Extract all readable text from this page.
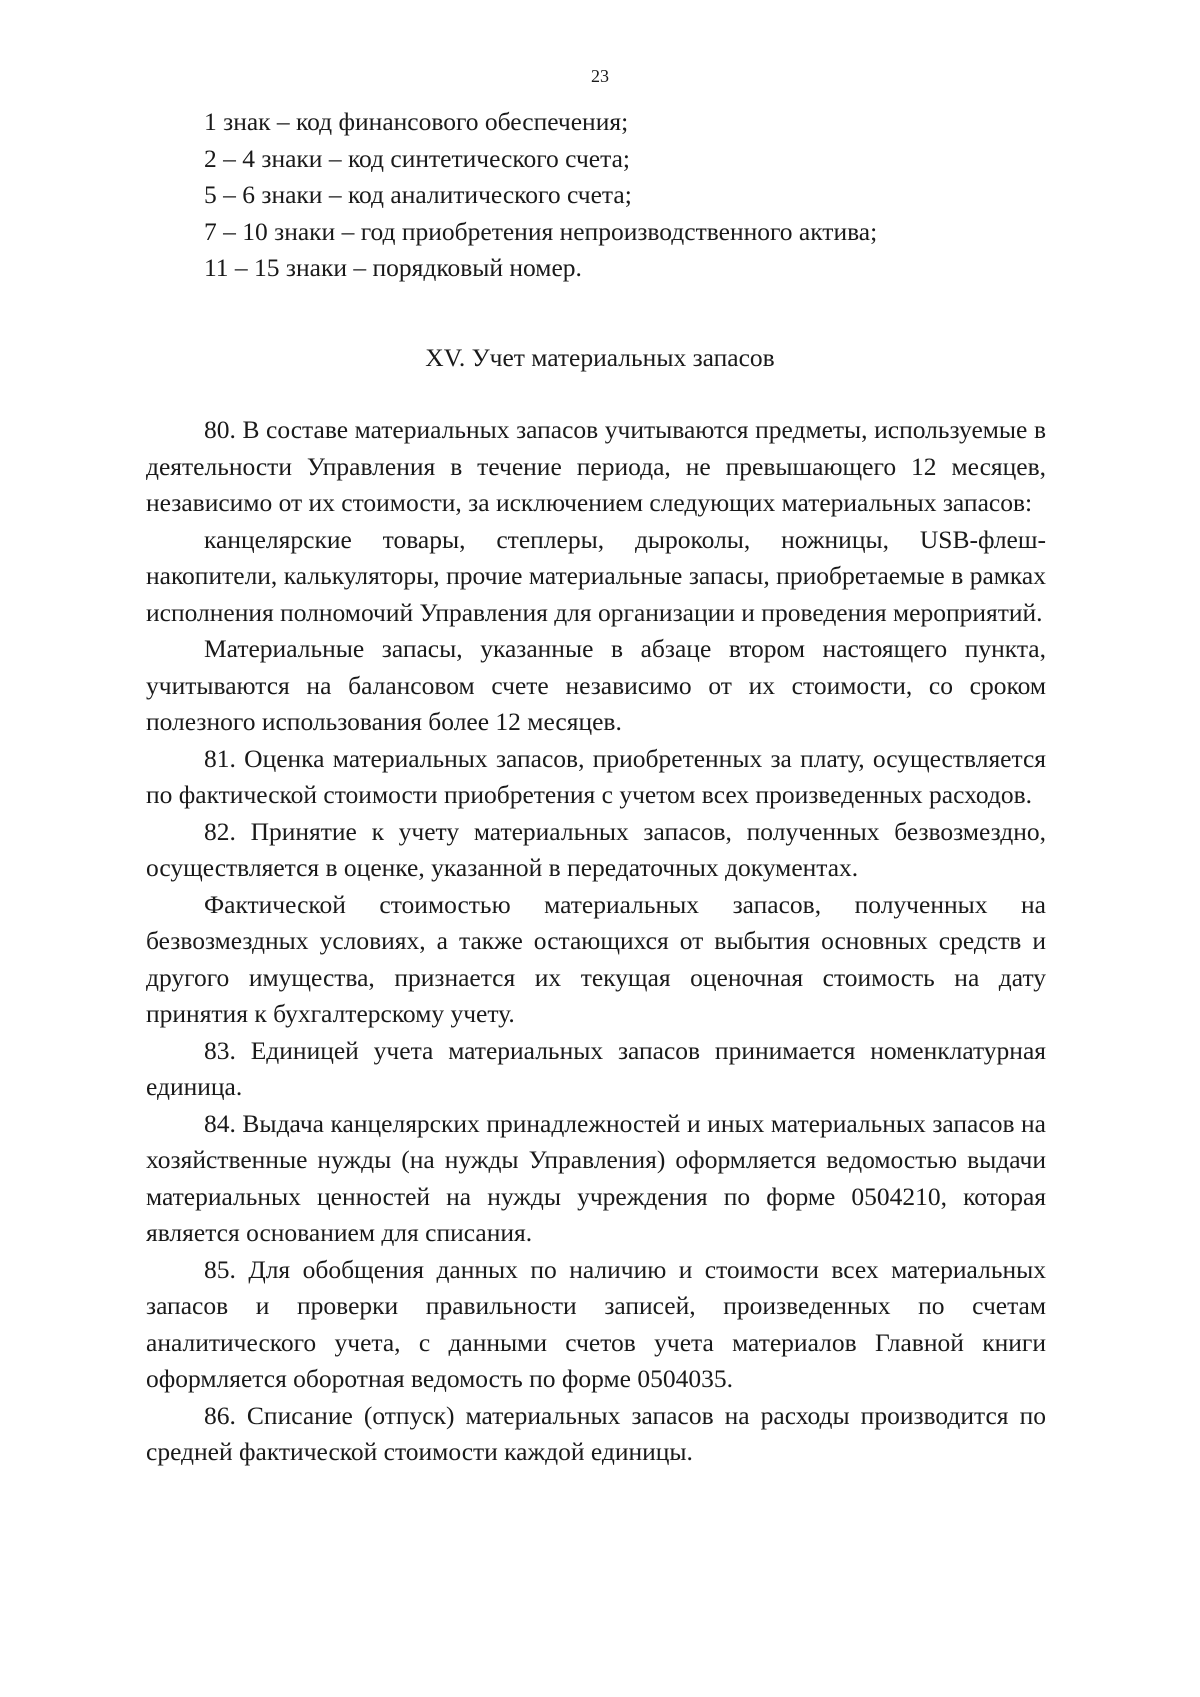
23
1 знак – код финансового обеспечения;
2 – 4 знаки – код синтетического счета;
5 – 6 знаки – код аналитического счета;
7 – 10 знаки – год приобретения непроизводственного актива;
11 – 15 знаки – порядковый номер.
XV. Учет материальных запасов

80. В составе материальных запасов учитываются предметы, используемые в деятельности Управления в течение периода, не превышающего 12 месяцев, независимо от их стоимости, за исключением следующих материальных запасов:

канцелярские товары, степлеры, дыроколы, ножницы, USB-флеш-накопители, калькуляторы, прочие материальные запасы, приобретаемые в рамках исполнения полномочий Управления для организации и проведения мероприятий.

Материальные запасы, указанные в абзаце втором настоящего пункта, учитываются на балансовом счете независимо от их стоимости, со сроком полезного использования более 12 месяцев.

81. Оценка материальных запасов, приобретенных за плату, осуществляется по фактической стоимости приобретения с учетом всех произведенных расходов.

82. Принятие к учету материальных запасов, полученных безвозмездно, осуществляется в оценке, указанной в передаточных документах.

Фактической стоимостью материальных запасов, полученных на безвозмездных условиях, а также остающихся от выбытия основных средств и другого имущества, признается их текущая оценочная стоимость на дату принятия к бухгалтерскому учету.

83. Единицей учета материальных запасов принимается номенклатурная единица.

84. Выдача канцелярских принадлежностей и иных материальных запасов на хозяйственные нужды (на нужды Управления) оформляется ведомостью выдачи материальных ценностей на нужды учреждения по форме 0504210, которая является основанием для списания.

85. Для обобщения данных по наличию и стоимости всех материальных запасов и проверки правильности записей, произведенных по счетам аналитического учета, с данными счетов учета материалов Главной книги оформляется оборотная ведомость по форме 0504035.

86. Списание (отпуск) материальных запасов на расходы производится по средней фактической стоимости каждой единицы.
